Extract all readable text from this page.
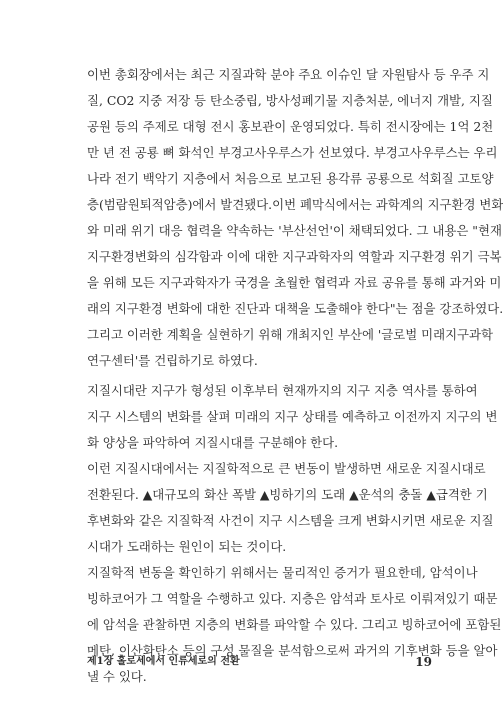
이번 총회장에서는 최근 지질과학 분야 주요 이슈인 달 자원탐사 등 우주 지
질, CO2 지중 저장 등 탄소중립, 방사성폐기물 지층처분, 에너지 개발, 지질
공원 등의 주제로 대형 전시 홍보관이 운영되었다. 특히 전시장에는 1억 2천
만 년 전 공룡 뼈 화석인 부경고사우루스가 선보였다. 부경고사우루스는 우리
나라 전기 백악기 지층에서 처음으로 보고된 용각류 공룡으로 석회질 고토양
층(범람원퇴적암층)에서 발견됐다.이번 폐막식에서는 과학계의 지구환경 변화
와 미래 위기 대응 협력을 약속하는 '부산선언'이 채택되었다. 그 내용은 "현재
지구환경변화의 심각함과 이에 대한 지구과학자의 역할과 지구환경 위기 극복
을 위해 모든 지구과학자가 국경을 초월한 협력과 자료 공유를 통해 과거와 미
래의 지구환경 변화에 대한 진단과 대책을 도출해야 한다"는 점을 강조하였다.
그리고 이러한 계획을 실현하기 위해 개최지인 부산에 '글로벌 미래지구과학
연구센터'를 건립하기로 하였다.
지질시대란 지구가 형성된 이후부터 현재까지의 지구 지층 역사를 통하여
지구 시스템의 변화를 살펴 미래의 지구 상태를 예측하고 이전까지 지구의 변
화 양상을 파악하여 지질시대를 구분해야 한다.
이런 지질시대에서는 지질학적으로 큰 변동이 발생하면 새로운 지질시대로
전환된다. ▲대규모의 화산 폭발 ▲빙하기의 도래 ▲운석의 충돌 ▲급격한 기
후변화와 같은 지질학적 사건이 지구 시스템을 크게 변화시키면 새로운 지질
시대가 도래하는 원인이 되는 것이다.
지질학적 변동을 확인하기 위해서는 물리적인 증거가 필요한데, 암석이나
빙하코어가 그 역할을 수행하고 있다. 지층은 암석과 토사로 이뤄져있기 때문
에 암석을 관찰하면 지층의 변화를 파악할 수 있다. 그리고 빙하코어에 포함된
메탄, 이산화탄소 등의 구성 물질을 분석함으로써 과거의 기후변화 등을 알아
낼 수 있다.
제1장 홀로세에서 인류세로의 전환	19
